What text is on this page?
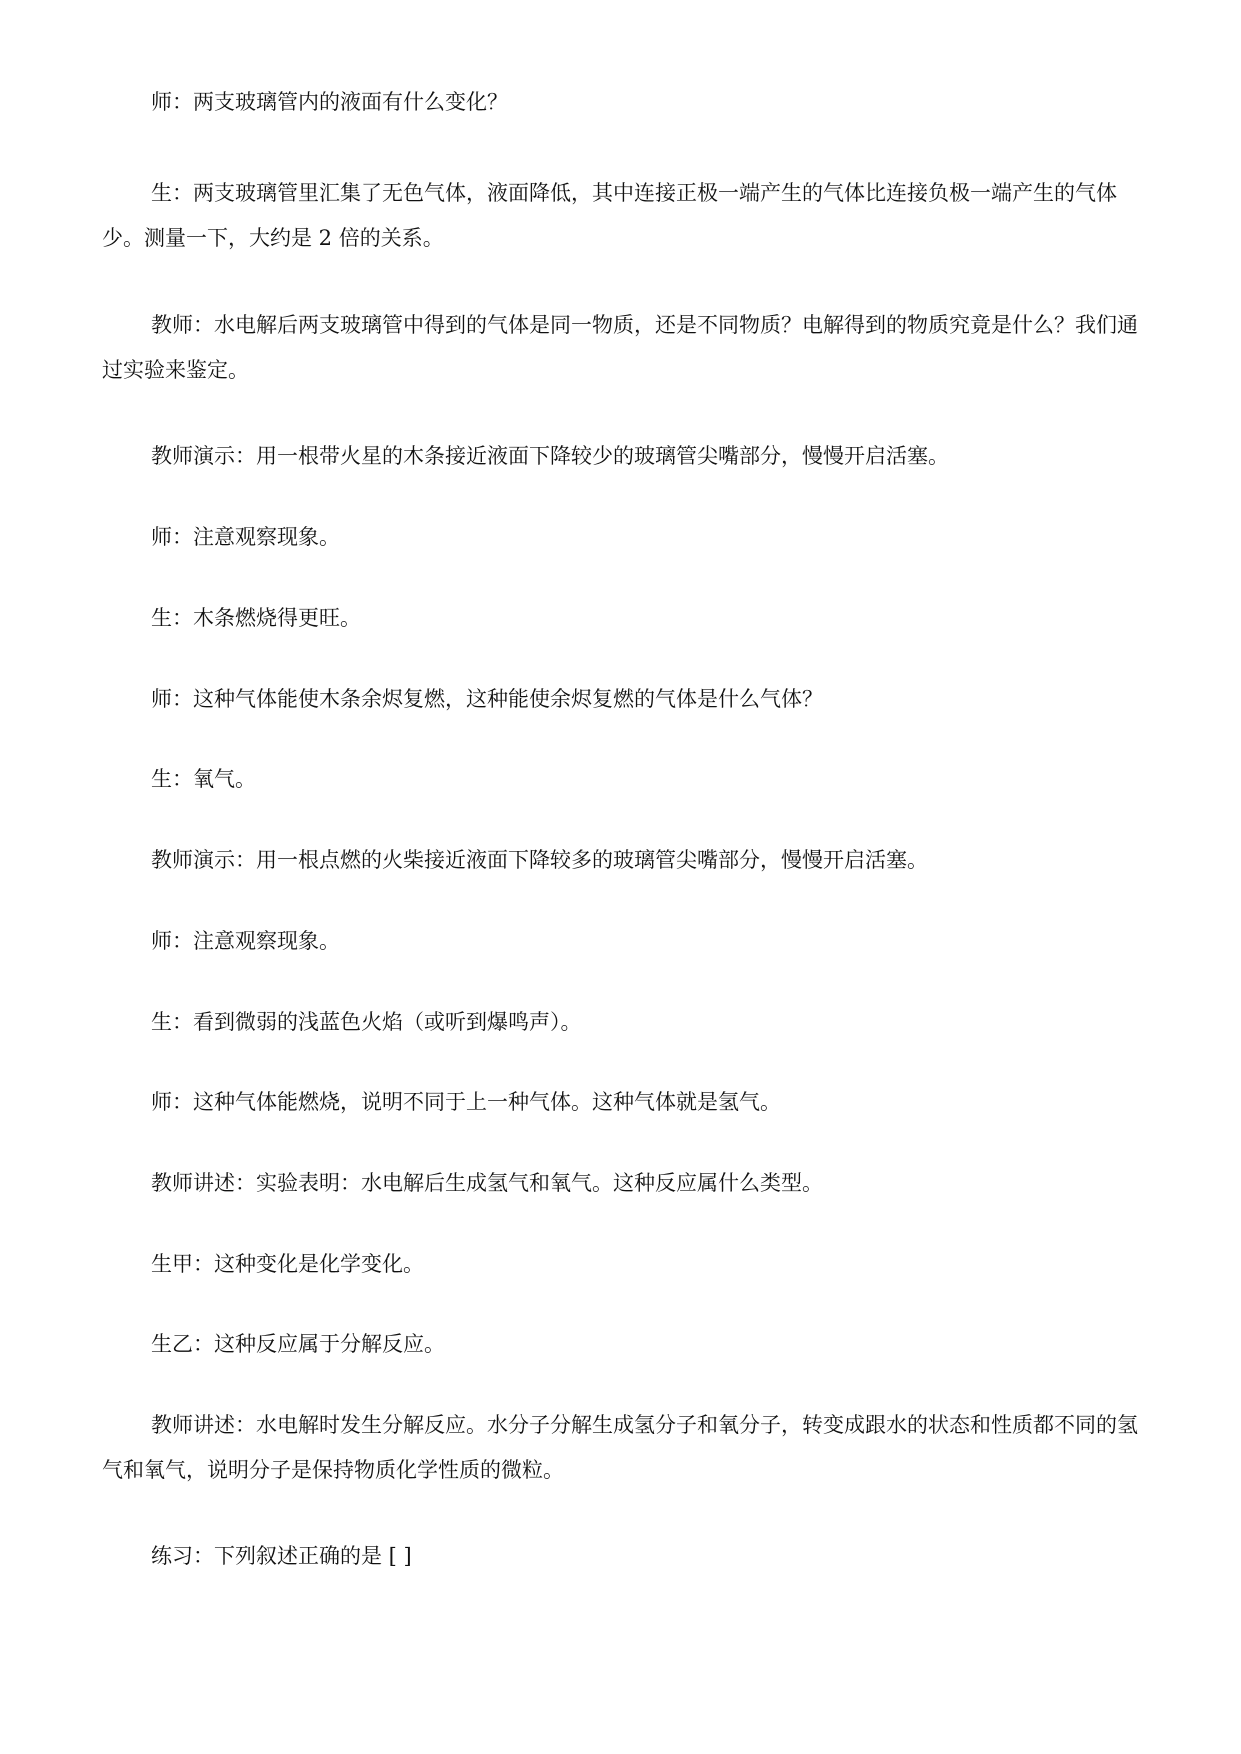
师：两支玻璃管内的液面有什么变化？

生：两支玻璃管里汇集了无色气体，液面降低，其中连接正极一端产生的气体比连接负极一端产生的气体少。测量一下，大约是 2 倍的关系。

教师：水电解后两支玻璃管中得到的气体是同一物质，还是不同物质？电解得到的物质究竟是什么？我们通过实验来鉴定。

教师演示：用一根带火星的木条接近液面下降较少的玻璃管尖嘴部分，慢慢开启活塞。

师：注意观察现象。

生：木条燃烧得更旺。

师：这种气体能使木条余烬复燃，这种能使余烬复燃的气体是什么气体？

生：氧气。

教师演示：用一根点燃的火柴接近液面下降较多的玻璃管尖嘴部分，慢慢开启活塞。

师：注意观察现象。

生：看到微弱的浅蓝色火焰（或听到爆鸣声）。

师：这种气体能燃烧，说明不同于上一种气体。这种气体就是氢气。

教师讲述：实验表明：水电解后生成氢气和氧气。这种反应属什么类型。

生甲：这种变化是化学变化。

生乙：这种反应属于分解反应。

教师讲述：水电解时发生分解反应。水分子分解生成氢分子和氧分子，转变成跟水的状态和性质都不同的氢气和氧气，说明分子是保持物质化学性质的微粒。

练习：下列叙述正确的是 [ ]
